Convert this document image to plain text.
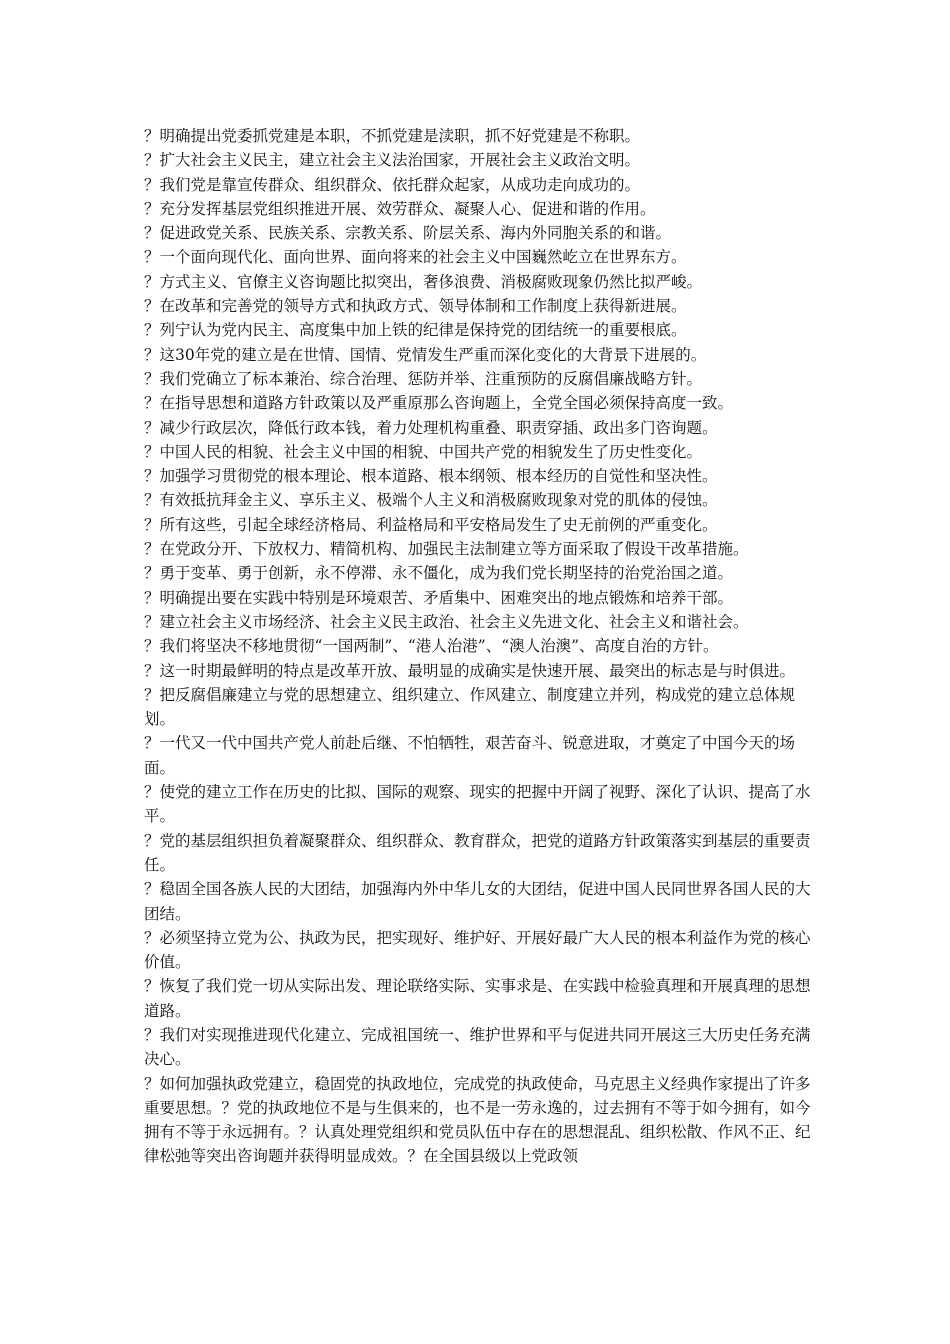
？明确提出党委抓党建是本职，不抓党建是渎职，抓不好党建是不称职。

？扩大社会主义民主，建立社会主义法治国家，开展社会主义政治文明。

？我们党是靠宣传群众、组织群众、依托群众起家，从成功走向成功的。

？充分发挥基层党组织推进开展、效劳群众、凝聚人心、促进和谐的作用。

？促进政党关系、民族关系、宗教关系、阶层关系、海内外同胞关系的和谐。

？一个面向现代化、面向世界、面向将来的社会主义中国巍然屹立在世界东方。

？方式主义、官僚主义咨询题比拟突出，奢侈浪费、消极腐败现象仍然比拟严峻。

？在改革和完善党的领导方式和执政方式、领导体制和工作制度上获得新进展。

？列宁认为党内民主、高度集中加上铁的纪律是保持党的团结统一的重要根底。

？这30年党的建立是在世情、国情、党情发生严重而深化变化的大背景下进展的。

？我们党确立了标本兼治、综合治理、惩防并举、注重预防的反腐倡廉战略方针。

？在指导思想和道路方针政策以及严重原那么咨询题上，全党全国必须保持高度一致。

？减少行政层次，降低行政本钱，着力处理机构重叠、职责穿插、政出多门咨询题。

？中国人民的相貌、社会主义中国的相貌、中国共产党的相貌发生了历史性变化。

？加强学习贯彻党的根本理论、根本道路、根本纲领、根本经历的自觉性和坚决性。

？有效抵抗拜金主义、享乐主义、极端个人主义和消极腐败现象对党的肌体的侵蚀。

？所有这些，引起全球经济格局、利益格局和平安格局发生了史无前例的严重变化。

？在党政分开、下放权力、精简机构、加强民主法制建立等方面采取了假设干改革措施。

？勇于变革、勇于创新，永不停滞、永不僵化，成为我们党长期坚持的治党治国之道。

？明确提出要在实践中特别是环境艰苦、矛盾集中、困难突出的地点锻炼和培养干部。

？建立社会主义市场经济、社会主义民主政治、社会主义先进文化、社会主义和谐社会。

？我们将坚决不移地贯彻“一国两制”、“港人治港”、“澳人治澳”、高度自治的方针。

？这一时期最鲜明的特点是改革开放、最明显的成确实是快速开展、最突出的标志是与时俱进。

？把反腐倡廉建立与党的思想建立、组织建立、作风建立、制度建立并列，构成党的建立总体规划。

？一代又一代中国共产党人前赴后继、不怕牺牲，艰苦奋斗、锐意进取，才奠定了中国今天的场面。

？使党的建立工作在历史的比拟、国际的观察、现实的把握中开阔了视野、深化了认识、提高了水平。

？党的基层组织担负着凝聚群众、组织群众、教育群众，把党的道路方针政策落实到基层的重要责任。

？稳固全国各族人民的大团结，加强海内外中华儿女的大团结，促进中国人民同世界各国人民的大团结。

？必须坚持立党为公、执政为民，把实现好、维护好、开展好最广大人民的根本利益作为党的核心价值。

？恢复了我们党一切从实际出发、理论联络实际、实事求是、在实践中检验真理和开展真理的思想道路。

？我们对实现推进现代化建立、完成祖国统一、维护世界和平与促进共同开展这三大历史任务充满决心。

？如何加强执政党建立，稳固党的执政地位，完成党的执政使命，马克思主义经典作家提出了许多重要思想。？党的执政地位不是与生俱来的，也不是一劳永逸的，过去拥有不等于如今拥有，如今拥有不等于永远拥有。？认真处理党组织和党员队伍中存在的思想混乱、组织松散、作风不正、纪律松弛等突出咨询题并获得明显成效。？在全国县级以上党政领
